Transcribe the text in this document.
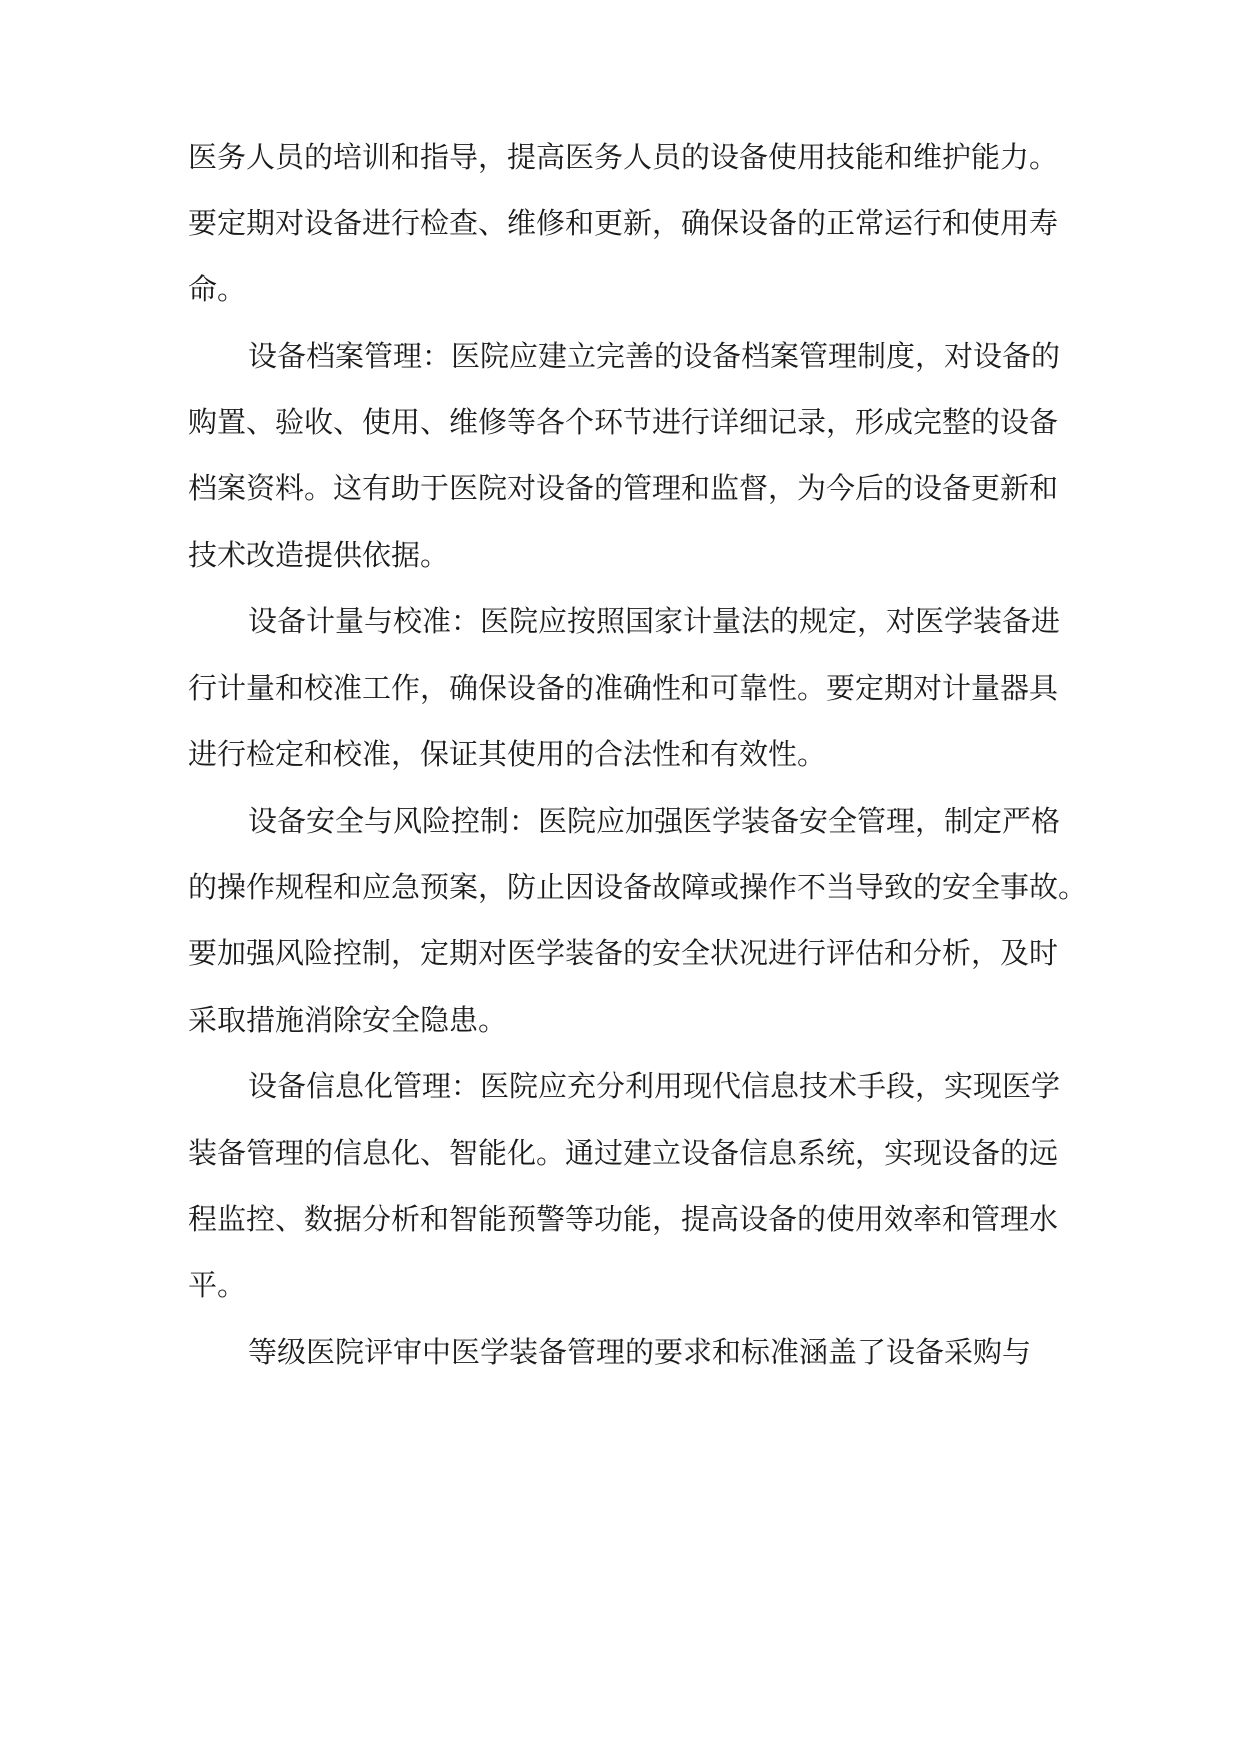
医务人员的培训和指导，提高医务人员的设备使用技能和维护能力。
要定期对设备进行检查、维修和更新，确保设备的正常运行和使用寿
命。
设备档案管理：医院应建立完善的设备档案管理制度，对设备的
购置、验收、使用、维修等各个环节进行详细记录，形成完整的设备
档案资料。这有助于医院对设备的管理和监督，为今后的设备更新和
技术改造提供依据。
设备计量与校准：医院应按照国家计量法的规定，对医学装备进
行计量和校准工作，确保设备的准确性和可靠性。要定期对计量器具
进行检定和校准，保证其使用的合法性和有效性。
设备安全与风险控制：医院应加强医学装备安全管理，制定严格
的操作规程和应急预案，防止因设备故障或操作不当导致的安全事故。
要加强风险控制，定期对医学装备的安全状况进行评估和分析，及时
采取措施消除安全隐患。
设备信息化管理：医院应充分利用现代信息技术手段，实现医学
装备管理的信息化、智能化。通过建立设备信息系统，实现设备的远
程监控、数据分析和智能预警等功能，提高设备的使用效率和管理水
平。
等级医院评审中医学装备管理的要求和标准涵盖了设备采购与
